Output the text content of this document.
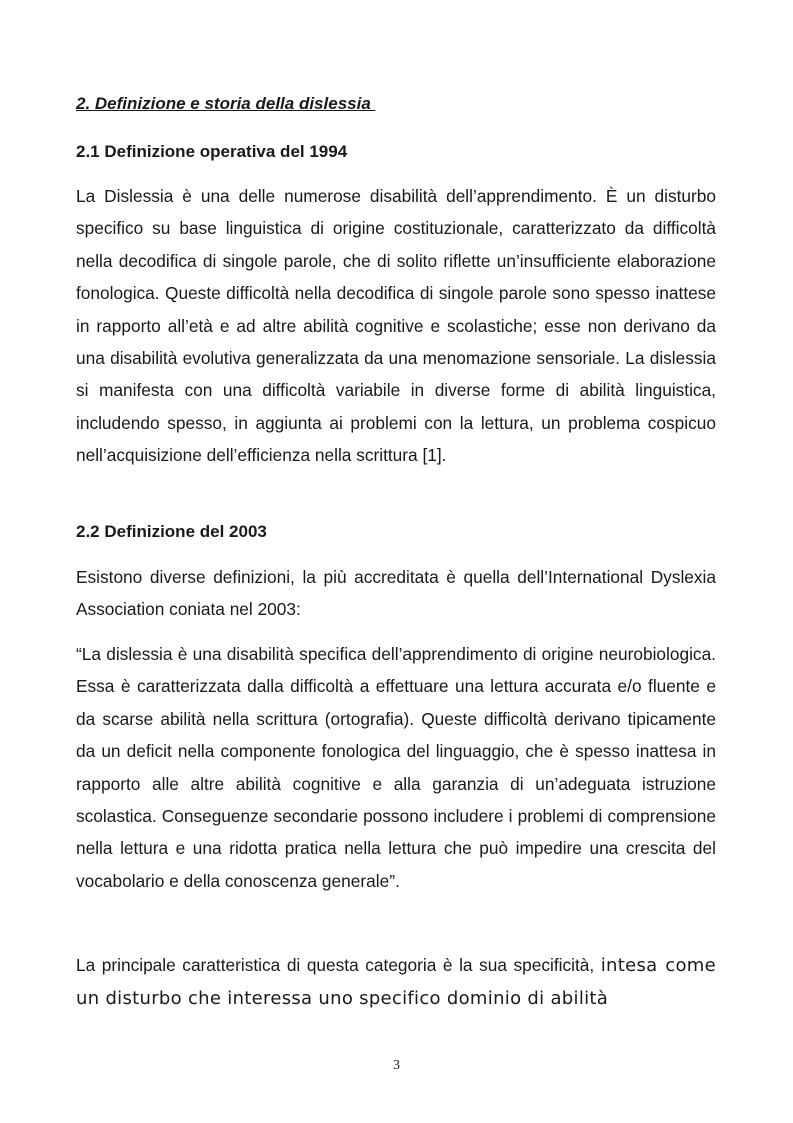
2. Definizione e storia della dislessia
2.1 Definizione operativa del 1994

La Dislessia è una delle numerose disabilità dell’apprendimento. È un disturbo specifico su base linguistica di origine costituzionale, caratterizzato da difficoltà nella decodifica di singole parole, che di solito riflette un’insufficiente elaborazione fonologica. Queste difficoltà nella decodifica di singole parole sono spesso inattese in rapporto all’età e ad altre abilità cognitive e scolastiche; esse non derivano da una disabilità evolutiva generalizzata da una menomazione sensoriale. La dislessia si manifesta con una difficoltà variabile in diverse forme di abilità linguistica, includendo spesso, in aggiunta ai problemi con la lettura, un problema cospicuo nell’acquisizione dell’efficienza nella scrittura [1].

2.2 Definizione del 2003

Esistono diverse definizioni, la più accreditata è quella dell’International Dyslexia Association coniata nel 2003:

“La dislessia è una disabilità specifica dell’apprendimento di origine neurobiologica. Essa è caratterizzata dalla difficoltà a effettuare una lettura accurata e/o fluente e da scarse abilità nella scrittura (ortografia). Queste difficoltà derivano tipicamente da un deficit nella componente fonologica del linguaggio, che è spesso inattesa in rapporto alle altre abilità cognitive e alla garanzia di un’adeguata istruzione scolastica. Conseguenze secondarie possono includere i problemi di comprensione nella lettura e una ridotta pratica nella lettura che può impedire una crescita del vocabolario e della conoscenza generale”.

La principale caratteristica di questa categoria è la sua specificità, intesa come un disturbo che interessa uno specifico dominio di abilità

3
